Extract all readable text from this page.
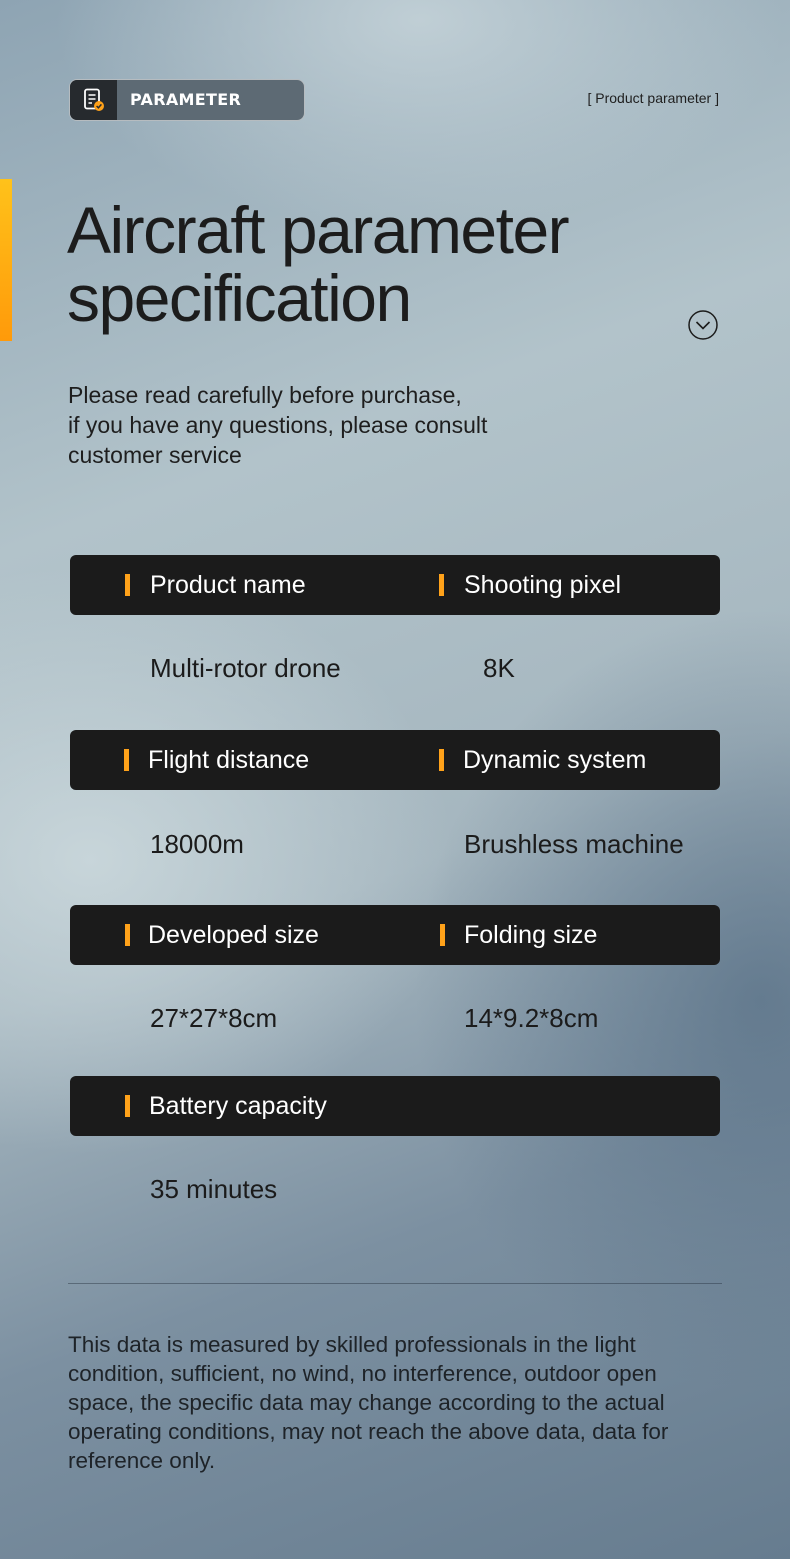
PARAMETER	[ Product parameter ]
Aircraft parameter
specification

Please read carefully before purchase,
if you have any questions, please consult
customer service

Product name	Shooting pixel
Multi-rotor drone	8K
Flight distance	Dynamic system
18000m	Brushless machine
Developed size	Folding size
27*27*8cm	14*9.2*8cm
Battery capacity
35 minutes

This data is measured by skilled professionals in the light
condition, sufficient, no wind, no interference, outdoor open
space, the specific data may change according to the actual
operating conditions, may not reach the above data, data for
reference only.
